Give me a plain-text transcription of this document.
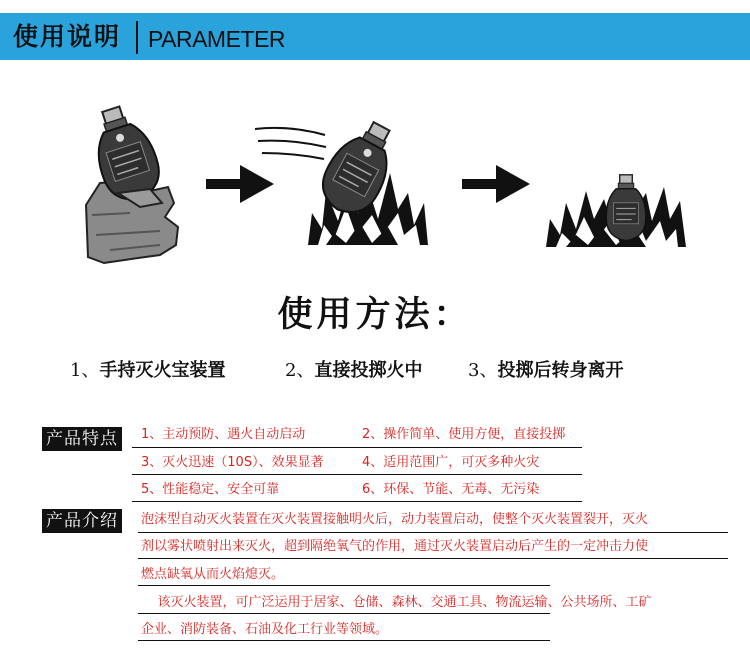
使用说明 PARAMETER
使用方法：
1、手持灭火宝装置	2、直接投掷火中	3、投掷后转身离开
产品特点	1、主动预防、遇火自动启动	2、操作简单、使用方便，直接投掷
3、灭火迅速（10S）、效果显著	4、适用范围广，可灭多种火灾
5、性能稳定、安全可靠	6、环保、节能、无毒、无污染
产品介绍	泡沫型自动灭火装置在灭火装置接触明火后，动力装置启动，使整个灭火装置裂开，灭火
剂以雾状喷射出来灭火，超到隔绝氧气的作用，通过灭火装置启动后产生的一定冲击力使
燃点缺氧从而火焰熄灭。
该灭火装置，可广泛运用于居家、仓储、森林、交通工具、物流运输、公共场所、工矿
企业、消防装备、石油及化工行业等领域。
